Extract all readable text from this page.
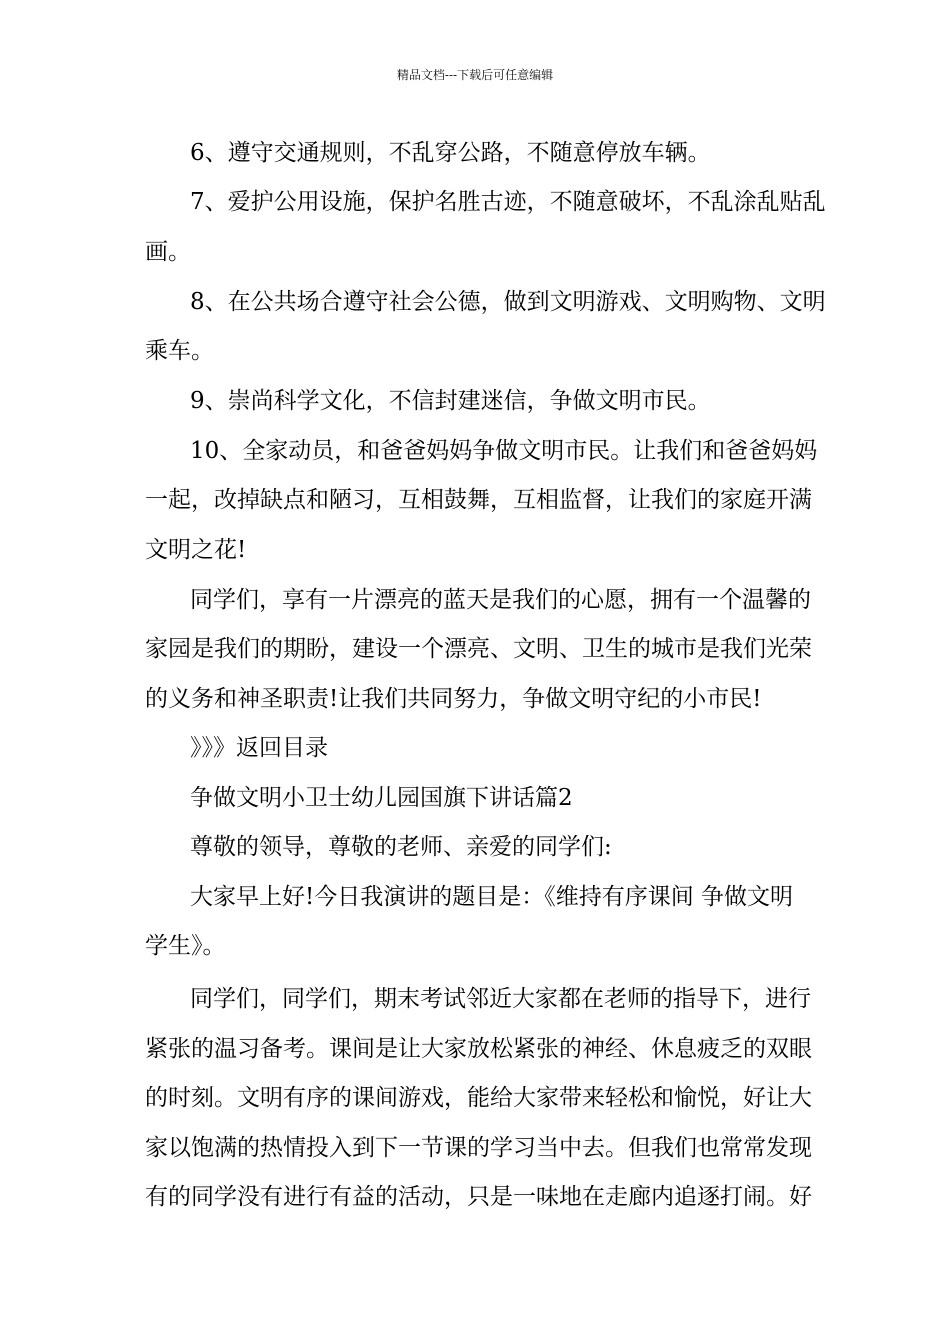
精品文档---下载后可任意编辑
6、遵守交通规则，不乱穿公路，不随意停放车辆。
7、爱护公用设施，保护名胜古迹，不随意破坏，不乱涂乱贴乱
画。
8、在公共场合遵守社会公德，做到文明游戏、文明购物、文明
乘车。
9、崇尚科学文化，不信封建迷信，争做文明市民。
10、全家动员，和爸爸妈妈争做文明市民。让我们和爸爸妈妈
一起，改掉缺点和陋习，互相鼓舞，互相监督，让我们的家庭开满
文明之花!
同学们，享有一片漂亮的蓝天是我们的心愿，拥有一个温馨的
家园是我们的期盼，建设一个漂亮、文明、卫生的城市是我们光荣
的义务和神圣职责!让我们共同努力，争做文明守纪的小市民!
》》》返回目录
争做文明小卫士幼儿园国旗下讲话篇2
尊敬的领导，尊敬的老师、亲爱的同学们:
大家早上好!今日我演讲的题目是：《维持有序课间 争做文明
学生》。
同学们，同学们，期末考试邻近大家都在老师的指导下，进行
紧张的温习备考。课间是让大家放松紧张的神经、休息疲乏的双眼
的时刻。文明有序的课间游戏，能给大家带来轻松和愉悦，好让大
家以饱满的热情投入到下一节课的学习当中去。但我们也常常发现
有的同学没有进行有益的活动，只是一味地在走廊内追逐打闹。好
